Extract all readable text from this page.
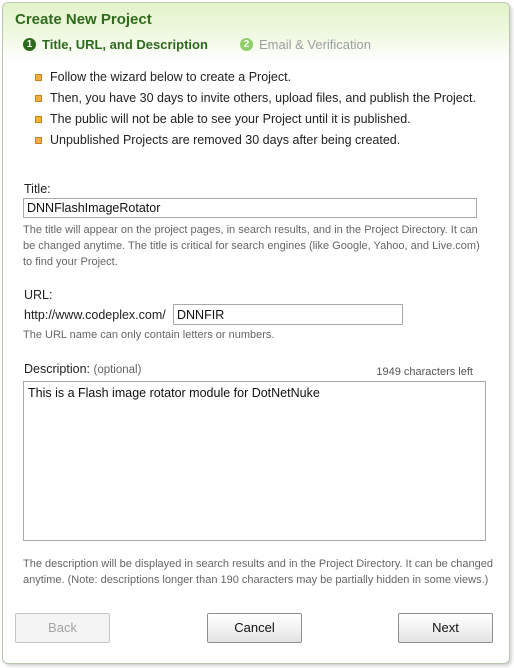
Create New Project
1 Title, URL, and Description	2 Email & Verification
Follow the wizard below to create a Project.
Then, you have 30 days to invite others, upload files, and publish the Project.
The public will not be able to see your Project until it is published.
Unpublished Projects are removed 30 days after being created.
Title:
DNNFlashImageRotator
The title will appear on the project pages, in search results, and in the Project Directory. It can be changed anytime. The title is critical for search engines (like Google, Yahoo, and Live.com) to find your Project.
URL:
http://www.codeplex.com/
DNNFIR
The URL name can only contain letters or numbers.
Description: (optional)	1949 characters left
This is a Flash image rotator module for DotNetNuke
The description will be displayed in search results and in the Project Directory. It can be changed anytime. (Note: descriptions longer than 190 characters may be partially hidden in some views.)
Back	Cancel	Next
